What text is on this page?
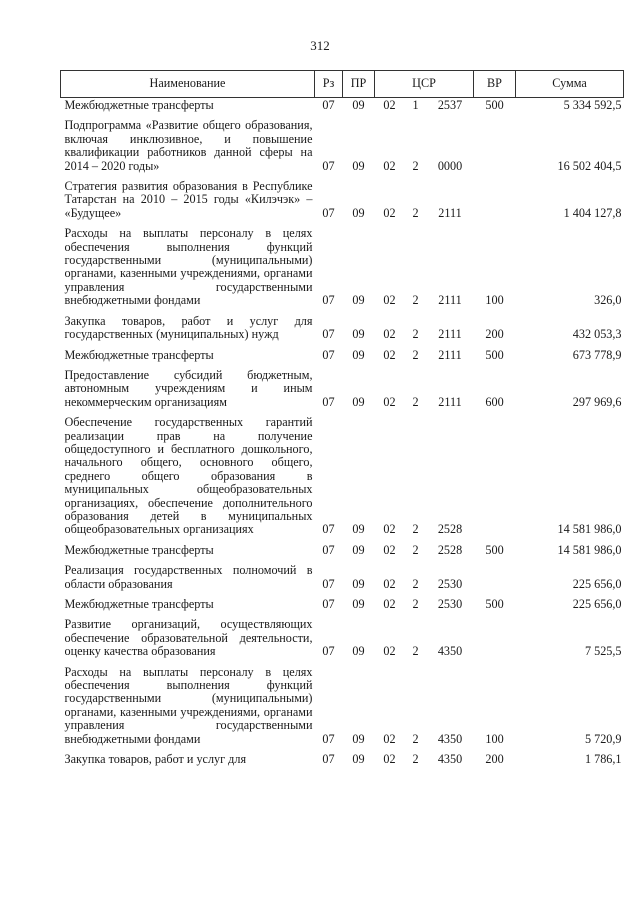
312
Наименование	Рз	ПР	ЦСР			ВР	Сумма
Межбюджетные трансферты	07	09	02	1	2537	500	5 334 592,5
Подпрограмма «Развитие общего образования, включая инклюзивное, и повышение квалификации работников данной сферы на 2014 – 2020 годы»	07	09	02	2	0000		16 502 404,5
Стратегия развития образования в Республике Татарстан на 2010 – 2015 годы «Килэчэк» – «Будущее»	07	09	02	2	2111		1 404 127,8
Расходы на выплаты персоналу в целях обеспечения выполнения функций государственными (муниципальными) органами, казенными учреждениями, органами управления государственными внебюджетными фондами	07	09	02	2	2111	100	326,0
Закупка товаров, работ и услуг для государственных (муниципальных) нужд	07	09	02	2	2111	200	432 053,3
Межбюджетные трансферты	07	09	02	2	2111	500	673 778,9
Предоставление субсидий бюджетным, автономным учреждениям и иным некоммерческим организациям	07	09	02	2	2111	600	297 969,6
Обеспечение государственных гарантий реализации прав на получение общедоступного и бесплатного дошкольного, начального общего, основного общего, среднего общего образования в муниципальных общеобразовательных организациях, обеспечение дополнительного образования детей в муниципальных общеобразовательных организациях	07	09	02	2	2528		14 581 986,0
Межбюджетные трансферты	07	09	02	2	2528	500	14 581 986,0
Реализация государственных полномочий в области образования	07	09	02	2	2530		225 656,0
Межбюджетные трансферты	07	09	02	2	2530	500	225 656,0
Развитие организаций, осуществляющих обеспечение образовательной деятельности, оценку качества образования	07	09	02	2	4350		7 525,5
Расходы на выплаты персоналу в целях обеспечения выполнения функций государственными (муниципальными) органами, казенными учреждениями, органами управления государственными внебюджетными фондами	07	09	02	2	4350	100	5 720,9
Закупка товаров, работ и услуг для	07	09	02	2	4350	200	1 786,1
